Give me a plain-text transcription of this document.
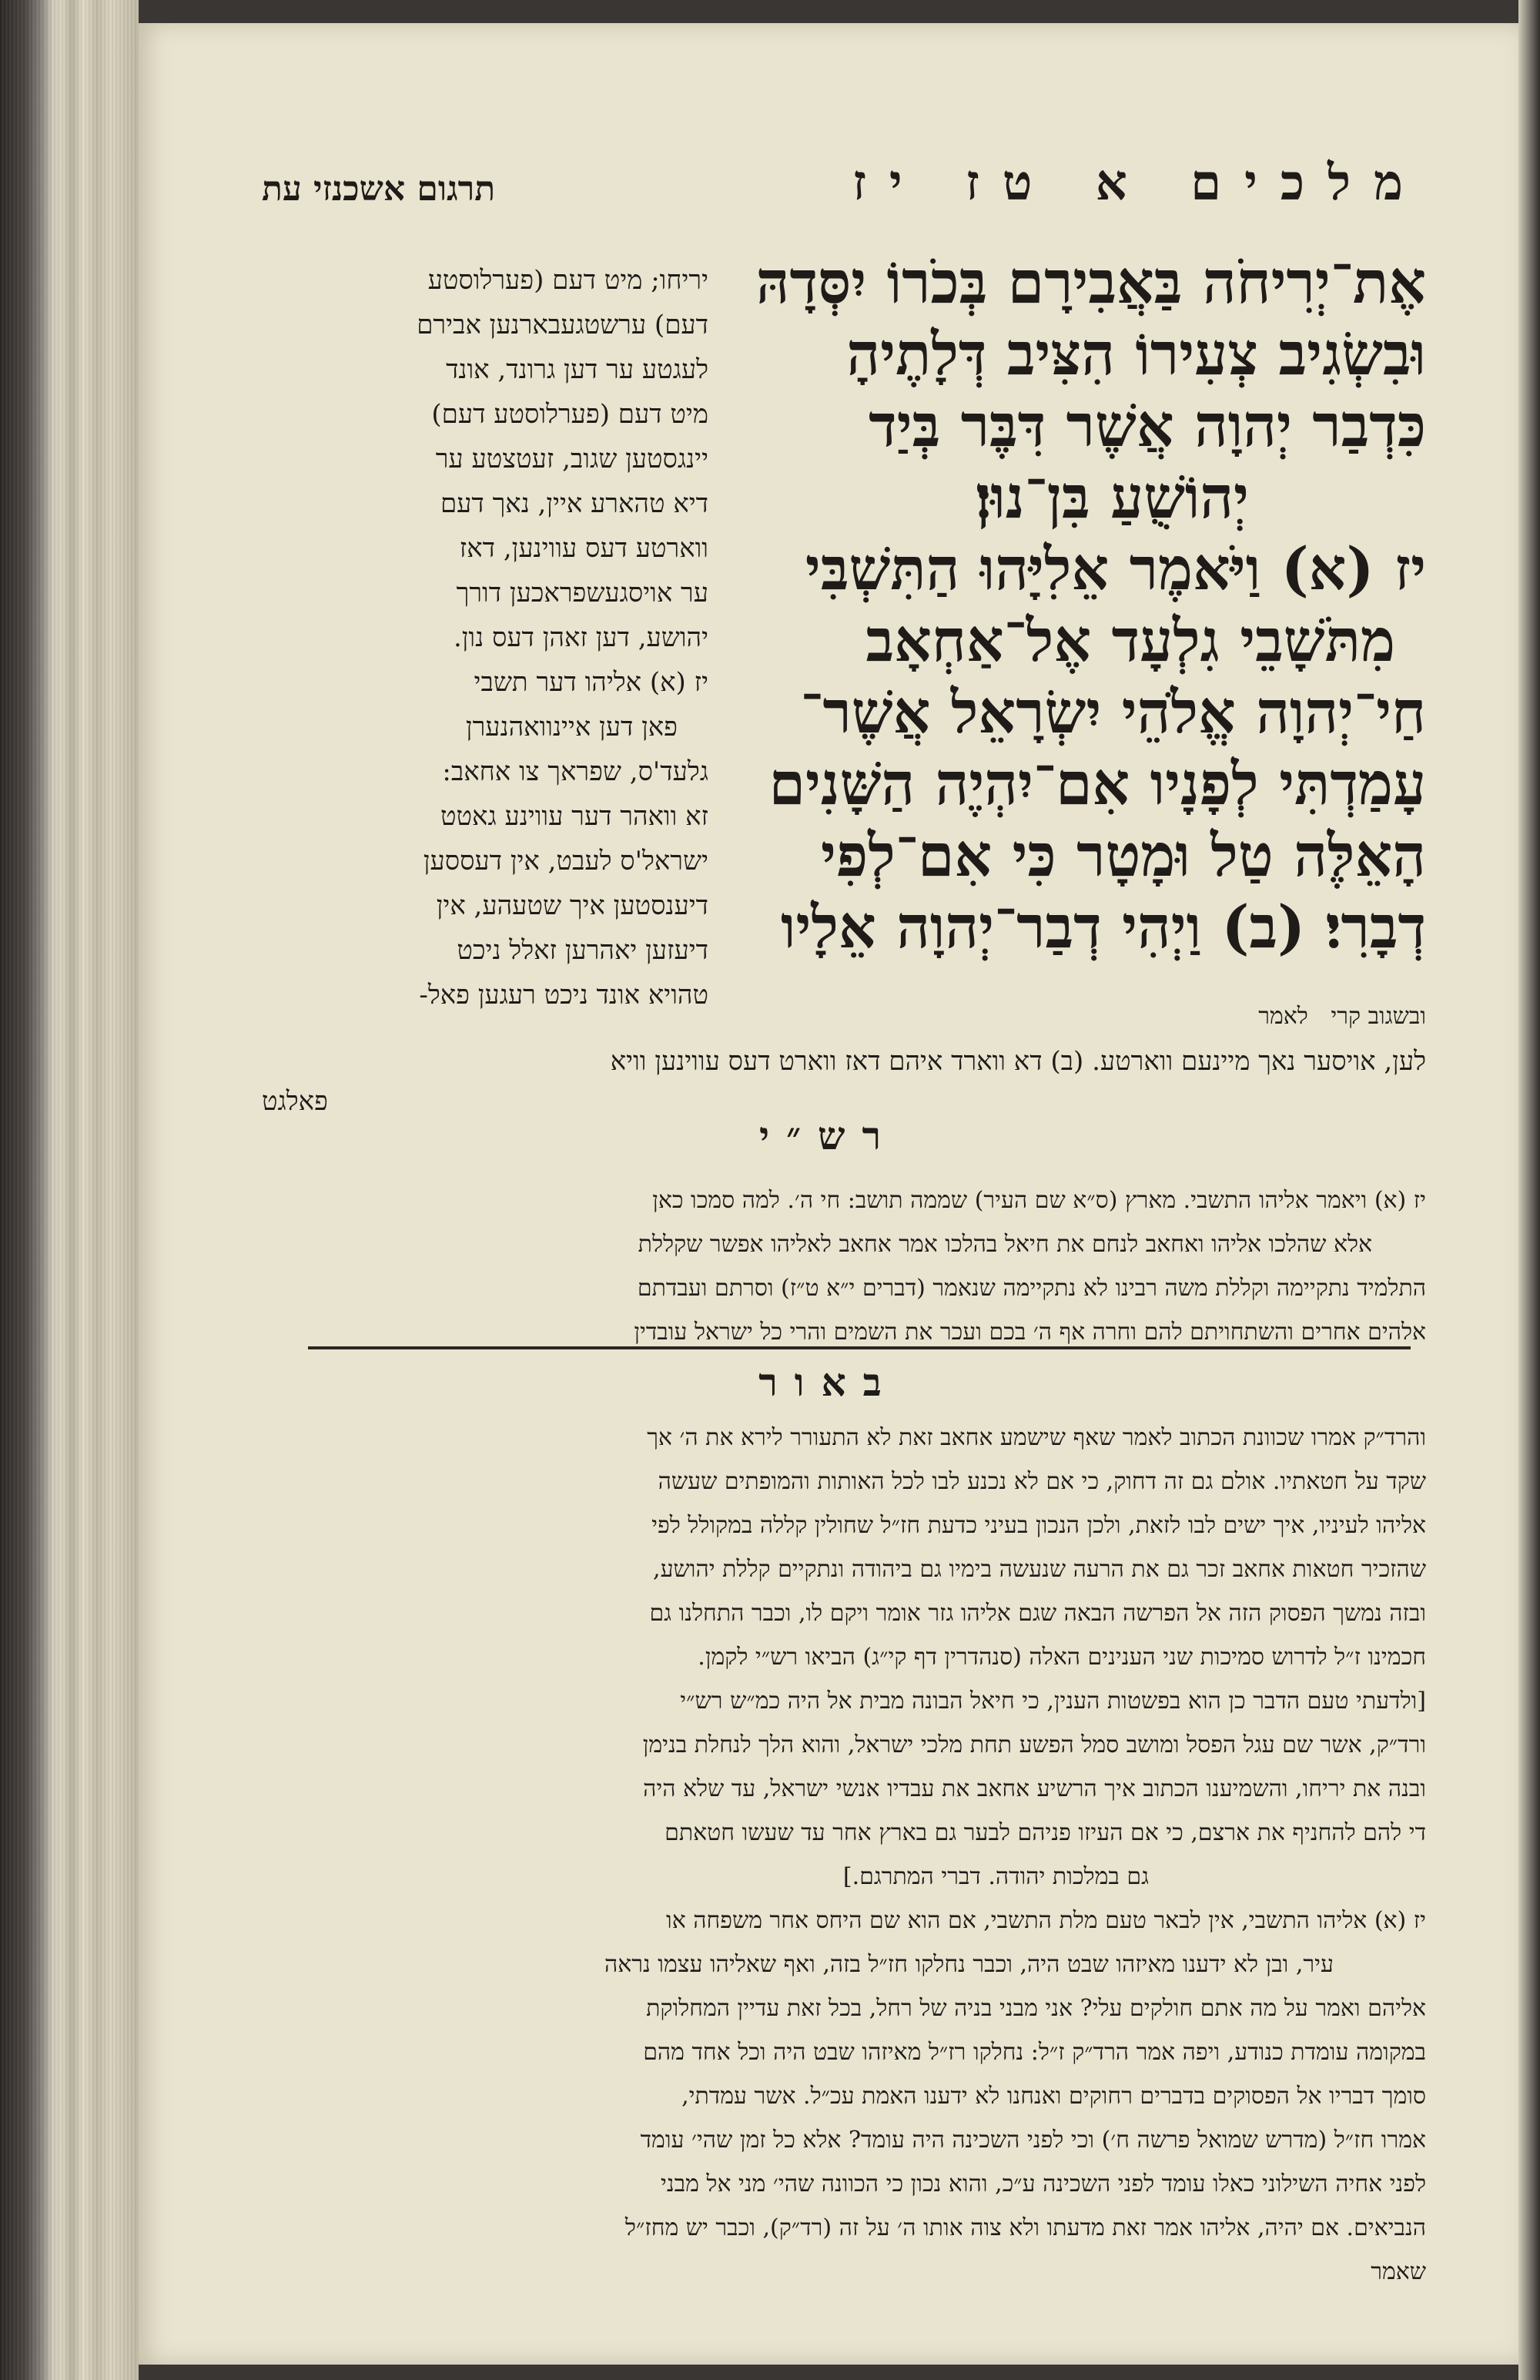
תרגום אשכנזי עת	מלכים א טז יז
אֶת־יְרִיחֹה בַּאֲבִירָם בְּכֹרוֹ יִסְּדָהּ
וּבִשְׂגִיב צְעִירוֹ הִצִּיב דְּלָתֶיהָ
כִּדְבַר יְהוָה אֲשֶׁר דִּבֶּר בְּיַד
יְהוֹשֻׁעַ בִּן־נוּן׃
יז (א) וַיֹּאמֶר אֵלִיָּהוּ הַתִּשְׁבִּי
מִתֹּשָׁבֵי גִלְעָד אֶל־אַחְאָב
חַי־יְהוָה אֱלֹהֵי יִשְׂרָאֵל אֲשֶׁר־
עָמַדְתִּי לְפָנָיו אִם־יִהְיֶה הַשָּׁנִים
הָאֵלֶּה טַל וּמָטָר כִּי אִם־לְפִי
דְבָרִי׃ (ב) וַיְהִי דְבַר־יְהוָה אֵלָיו
ובשגוב קרי לאמר
יריחו; מיט דעם (פערלוסטע
דעם) ערשטגעבארנען אבירם
לעגטע ער דען גרונד, אונד
מיט דעם (פערלוסטע דעם)
יינגסטען שגוב, זעטצטע ער
דיא טהארע איין, נאך דעם
ווארטע דעס עווינען, דאז
ער אויסגעשפראכען דורך
יהושע, דען זאהן דעס נון.
יז (א) אליהו דער תשבי
פאן דען איינוואהנערן
גלעד'ס, שפראך צו אחאב:
זא וואהר דער עווינע גאטט
ישראל'ס לעבט, אין דעססען
דיענסטען איך שטעהע, אין
דיעזען יאהרען זאלל ניכט
טהויא אונד ניכט רעגען פאל-
לען, אויסער נאך מיינעם ווארטע. (ב) דא ווארד איהם דאז ווארט דעס עווינען וויא
פאלגט
רש״י
יז (א) ויאמר אליהו התשבי. מארץ (ס״א שם העיר) שממה תושב: חי ה׳. למה סמכו כאן
אלא שהלכו אליהו ואחאב לנחם את חיאל בהלכו אמר אחאב לאליהו אפשר שקללת
התלמיד נתקיימה וקללת משה רבינו לא נתקיימה שנאמר (דברים י״א ט״ז) וסרתם ועבדתם
אלהים אחרים והשתחויתם להם וחרה אף ה׳ בכם ועכר את השמים והרי כל ישראל עובדין
באור
והרד״ק אמרו שכוונת הכתוב לאמר שאף שישמע אחאב זאת לא התעורר לירא את ה׳ אך
שקד על חטאתיו. אולם גם זה דחוק, כי אם לא נכנע לבו לכל האותות והמופתים שעשה
אליהו לעיניו, איך ישים לבו לזאת, ולכן הנכון בעיני כדעת חז״ל שחולין קללה במקולל לפי
שהזכיר חטאות אחאב זכר גם את הרעה שנעשה בימיו גם ביהודה ונתקיים קללת יהושע,
ובזה נמשך הפסוק הזה אל הפרשה הבאה שגם אליהו גזר אומר ויקם לו, וכבר התחלנו גם
חכמינו ז״ל לדרוש סמיכות שני הענינים האלה (סנהדרין דף קי״ג) הביאו רש״י לקמן.
[ולדעתי טעם הדבר כן הוא בפשטות הענין, כי חיאל הבונה מבית אל היה כמ״ש רש״י
ורד״ק, אשר שם עגל הפסל ומושב סמל הפשע תחת מלכי ישראל, והוא הלך לנחלת בנימן
ובנה את יריחו, והשמיענו הכתוב איך הרשיע אחאב את עבדיו אנשי ישראל, עד שלא היה
די להם להחניף את ארצם, כי אם העיזו פניהם לבער גם בארץ אחר עד שעשו חטאתם
גם במלכות יהודה. דברי המתרגם.]
יז (א) אליהו התשבי, אין לבאר טעם מלת התשבי, אם הוא שם היחס אחר משפחה או
עיר, ובן לא ידענו מאיזהו שבט היה, וכבר נחלקו חז״ל בזה, ואף שאליהו עצמו נראה
אליהם ואמר על מה אתם חולקים עלי? אני מבני בניה של רחל, בכל זאת עדיין המחלוקת
במקומה עומדת כנודע, ויפה אמר הרד״ק ז״ל: נחלקו רז״ל מאיזהו שבט היה וכל אחד מהם
סומך דבריו אל הפסוקים בדברים רחוקים ואנחנו לא ידענו האמת עכ״ל. אשר עמדתי,
אמרו חז״ל (מדרש שמואל פרשה ח׳) וכי לפני השכינה היה עומד? אלא כל זמן שהי׳ עומד
לפני אחיה השילוני כאלו עומד לפני השכינה ע״כ, והוא נכון כי הכוונה שהי׳ מני אל מבני
הנביאים. אם יהיה, אליהו אמר זאת מדעתו ולא צוה אותו ה׳ על זה (רד״ק), וכבר יש מחז״ל
שאמר
